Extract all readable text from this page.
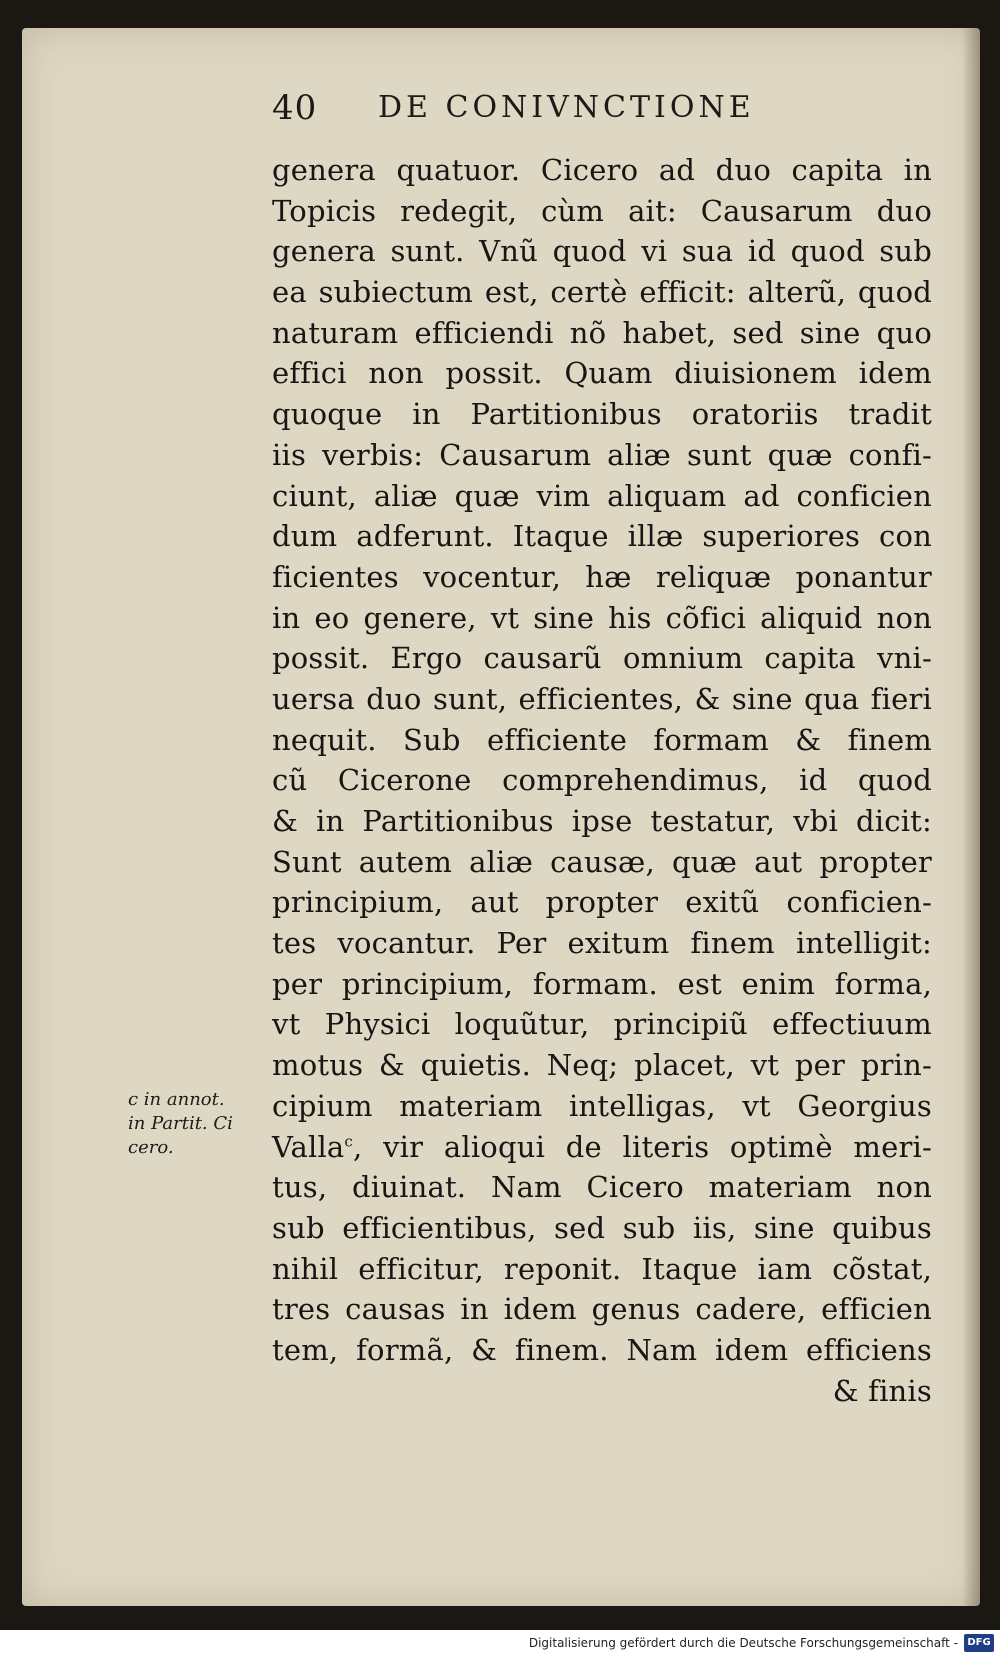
40 DE CONIVNCTIONE
genera quatuor. Cicero ad duo capita in
Topicis redegit, cùm ait: Causarum duo
genera sunt. Vnũ quod vi sua id quod sub
ea subiectum est, certè efficit: alterũ, quod
naturam efficiendi nõ habet, sed sine quo
effici non possit. Quam diuisionem idem
quoque in Partitionibus oratoriis tradit
iis verbis: Causarum aliæ sunt quæ confi-
ciunt, aliæ quæ vim aliquam ad conficien
dum adferunt. Itaque illæ superiores con
ficientes vocentur, hæ reliquæ ponantur
in eo genere, vt sine his cõfici aliquid non
possit. Ergo causarũ omnium capita vni-
uersa duo sunt, efficientes, & sine qua fieri
nequit. Sub efficiente formam & finem
cũ Cicerone comprehendimus, id quod
& in Partitionibus ipse testatur, vbi dicit:
Sunt autem aliæ causæ, quæ aut propter
principium, aut propter exitũ conficien-
tes vocantur. Per exitum finem intelligit:
per principium, formam. est enim forma,
vt Physici loquũtur, principiũ effectiuum
motus & quietis. Neq; placet, vt per prin-
cipium materiam intelligas, vt Georgius
Valla$^c$, vir alioqui de literis optimè meri-
tus, diuinat. Nam Cicero materiam non
sub efficientibus, sed sub iis, sine quibus
nihil efficitur, reponit. Itaque iam cõstat,
tres causas in idem genus cadere, efficien
tem, formã, & finem. Nam idem efficiens
& finis
c in annot.
in Partit. Ci
cero.
Digitalisierung gefördert durch die Deutsche Forschungsgemeinschaft - DFG
